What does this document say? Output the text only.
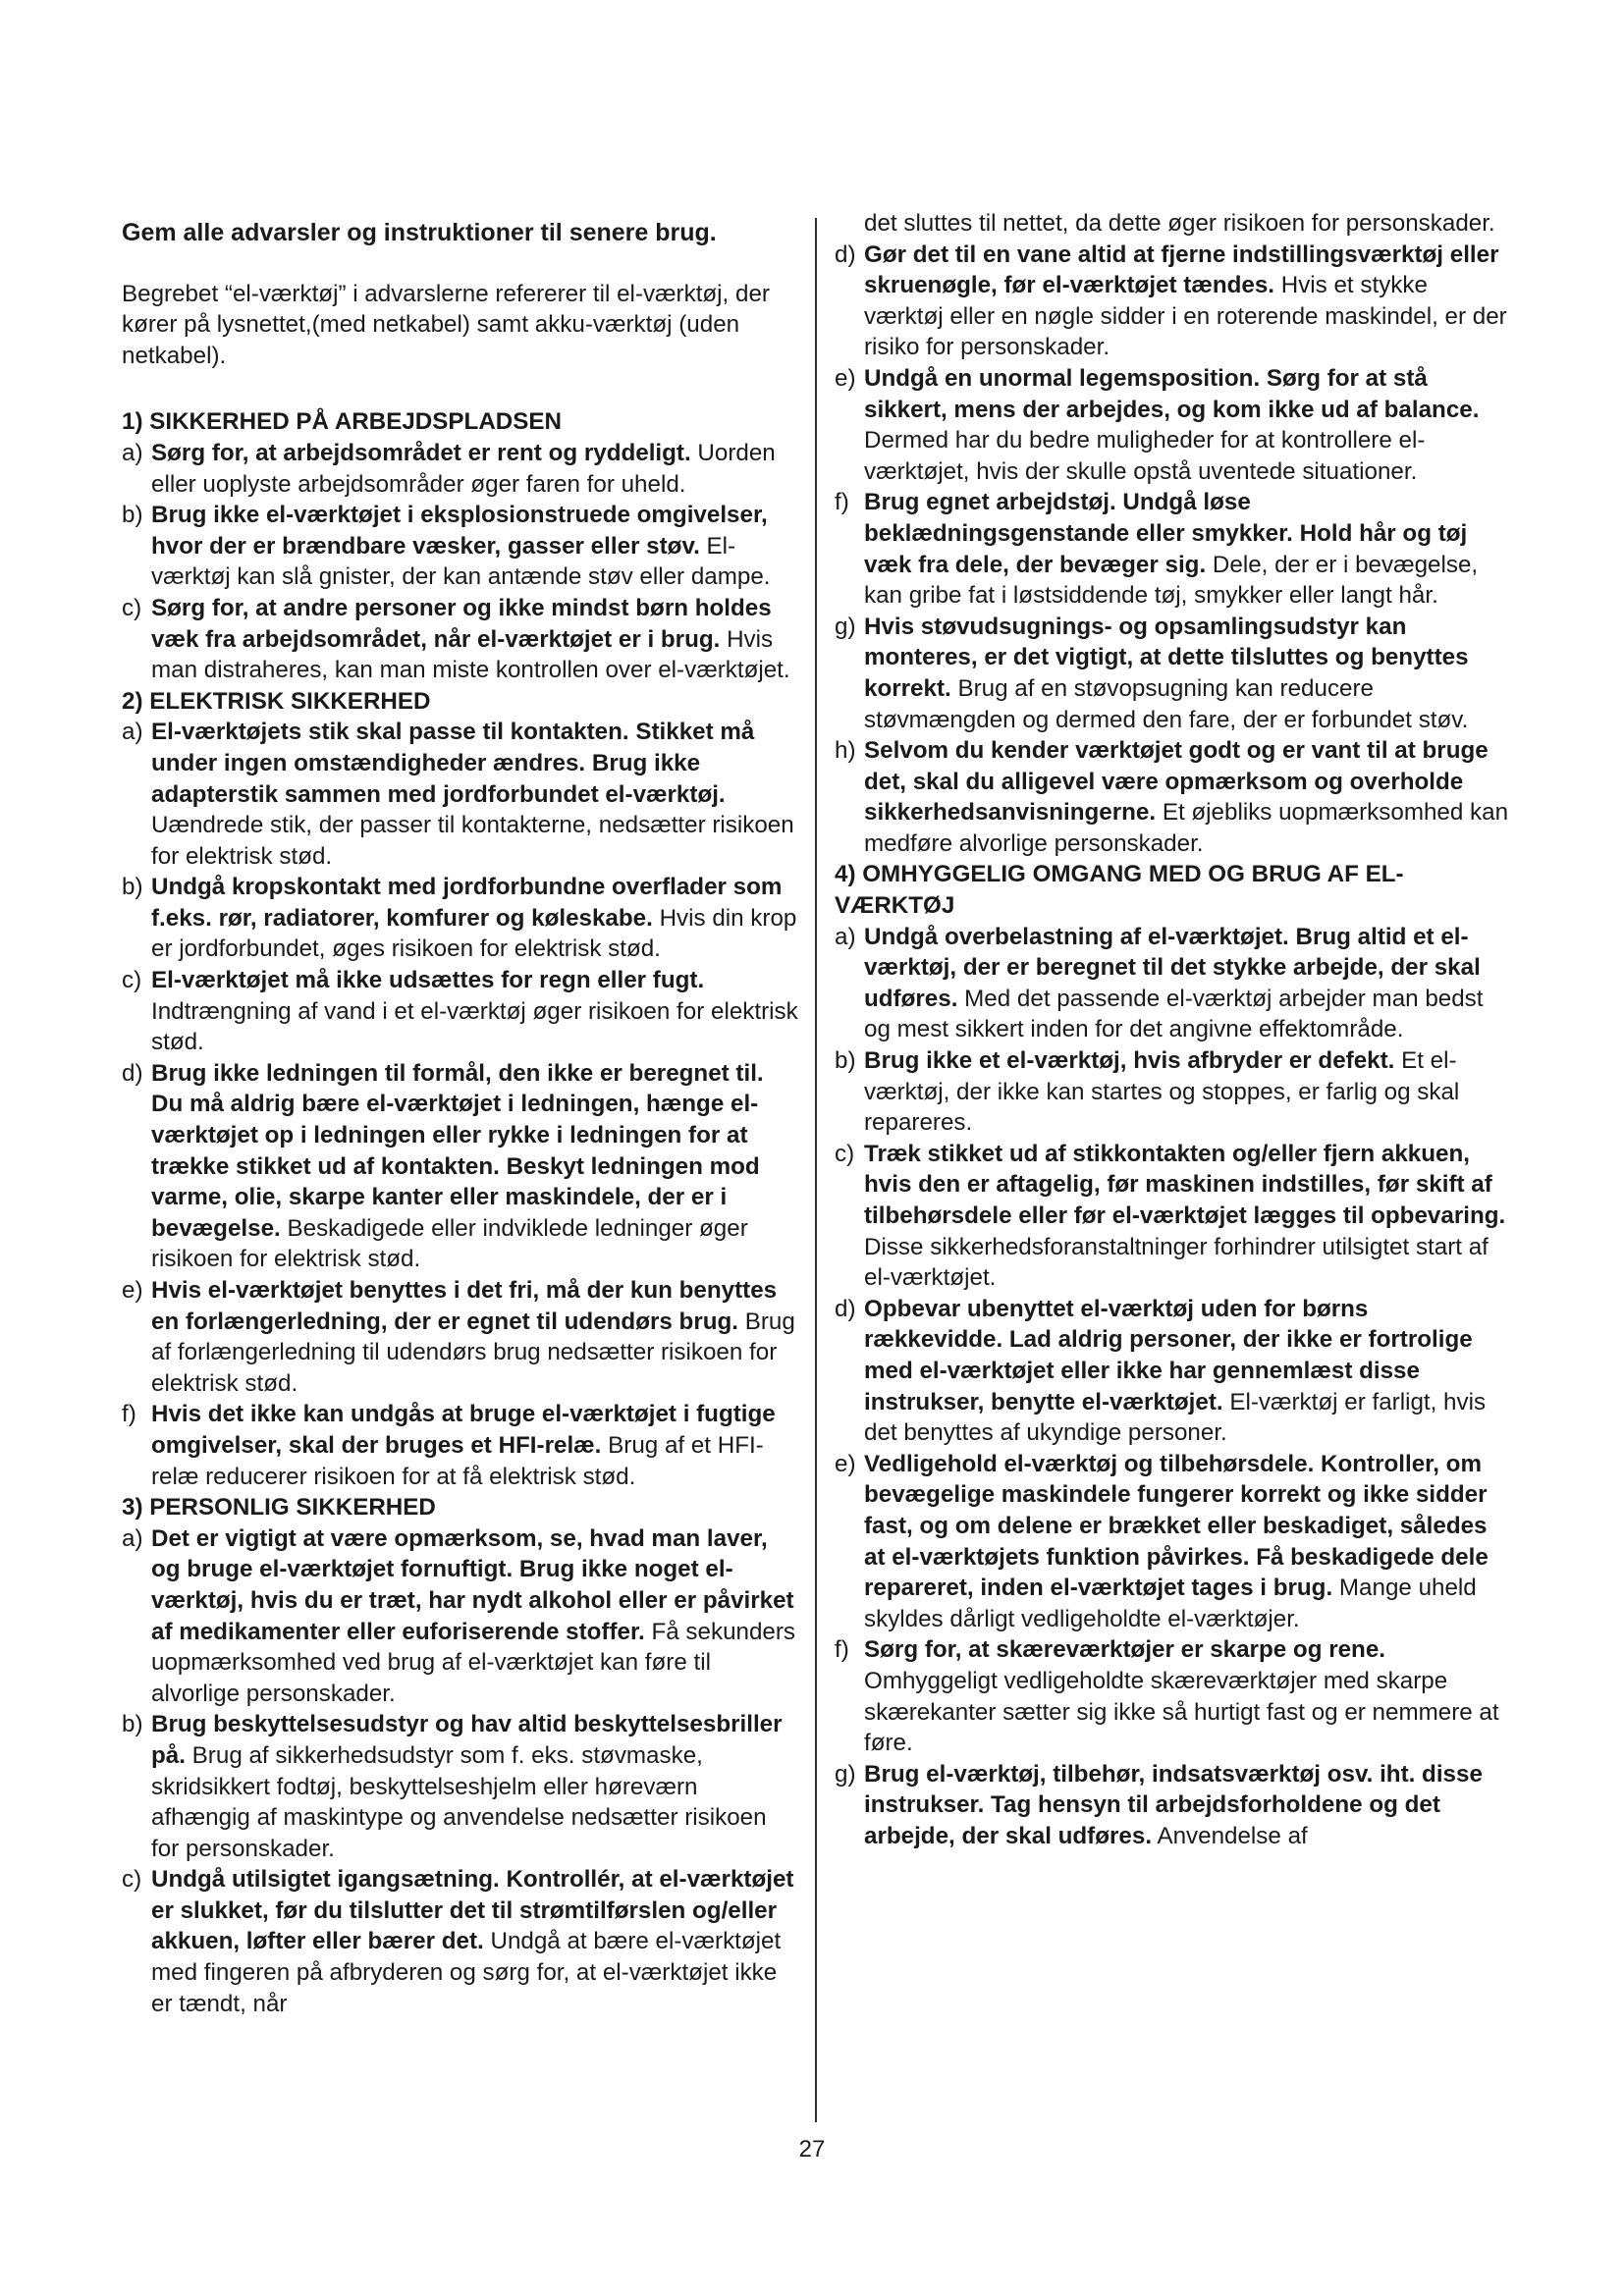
Gem alle advarsler og instruktioner til senere brug.

Begrebet “el-værktøj” i advarslerne refererer til el-værktøj, der kører på lysnettet,(med netkabel) samt akku-værktøj (uden netkabel).

1) SIKKERHED PÅ ARBEJDSPLADSEN

a) Sørg for, at arbejdsområdet er rent og ryddeligt. Uorden eller uoplyste arbejdsområder øger faren for uheld.

b) Brug ikke el-værktøjet i eksplosionstruede omgivelser, hvor der er brændbare væsker, gasser eller støv. El-værktøj kan slå gnister, der kan antænde støv eller dampe.

c) Sørg for, at andre personer og ikke mindst børn holdes væk fra arbejdsområdet, når el-værktøjet er i brug. Hvis man distraheres, kan man miste kontrollen over el-værktøjet.

2) ELEKTRISK SIKKERHED

a) El-værktøjets stik skal passe til kontakten. Stikket må under ingen omstændigheder ændres. Brug ikke adapterstik sammen med jordforbundet el-værktøj. Uændrede stik, der passer til kontakterne, nedsætter risikoen for elektrisk stød.

b) Undgå kropskontakt med jordforbundne overflader som f.eks. rør, radiatorer, komfurer og køleskabe. Hvis din krop er jordforbundet, øges risikoen for elektrisk stød.

c) El-værktøjet må ikke udsættes for regn eller fugt. Indtrængning af vand i et el-værktøj øger risikoen for elektrisk stød.

d) Brug ikke ledningen til formål, den ikke er beregnet til. Du må aldrig bære el-værktøjet i ledningen, hænge el-værktøjet op i ledningen eller rykke i ledningen for at trække stikket ud af kontakten. Beskyt ledningen mod varme, olie, skarpe kanter eller maskindele, der er i bevægelse. Beskadigede eller indviklede ledninger øger risikoen for elektrisk stød.

e) Hvis el-værktøjet benyttes i det fri, må der kun benyttes en forlængerledning, der er egnet til udendørs brug. Brug af forlængerledning til udendørs brug nedsætter risikoen for elektrisk stød.

f) Hvis det ikke kan undgås at bruge el-værktøjet i fugtige omgivelser, skal der bruges et HFI-relæ. Brug af et HFI-relæ reducerer risikoen for at få elektrisk stød.

3) PERSONLIG SIKKERHED

a) Det er vigtigt at være opmærksom, se, hvad man laver, og bruge el-værktøjet fornuftigt. Brug ikke noget el-værktøj, hvis du er træt, har nydt alkohol eller er påvirket af medikamenter eller euforiserende stoffer. Få sekunders uopmærksomhed ved brug af el-værktøjet kan føre til alvorlige personskader.

b) Brug beskyttelsesudstyr og hav altid beskyttelsesbriller på. Brug af sikkerhedsudstyr som f. eks. støvmaske, skridsikkert fodtøj, beskyttelseshjelm eller høreværn afhængig af maskintype og anvendelse nedsætter risikoen for personskader.

c) Undgå utilsigtet igangsætning. Kontrollér, at el-værktøjet er slukket, før du tilslutter det til strømtilførslen og/eller akkuen, løfter eller bærer det. Undgå at bære el-værktøjet med fingeren på afbryderen og sørg for, at el-værktøjet ikke er tændt, når

det sluttes til nettet, da dette øger risikoen for personskader.

d) Gør det til en vane altid at fjerne indstillingsværktøj eller skruenøgle, før el-værktøjet tændes. Hvis et stykke værktøj eller en nøgle sidder i en roterende maskindel, er der risiko for personskader.

e) Undgå en unormal legemsposition. Sørg for at stå sikkert, mens der arbejdes, og kom ikke ud af balance. Dermed har du bedre muligheder for at kontrollere el-værktøjet, hvis der skulle opstå uventede situationer.

f) Brug egnet arbejdstøj. Undgå løse beklædningsgenstande eller smykker. Hold hår og tøj væk fra dele, der bevæger sig. Dele, der er i bevægelse, kan gribe fat i løstsiddende tøj, smykker eller langt hår.

g) Hvis støvudsugnings- og opsamlingsudstyr kan monteres, er det vigtigt, at dette tilsluttes og benyttes korrekt. Brug af en støvopsugning kan reducere støvmængden og dermed den fare, der er forbundet støv.

h) Selvom du kender værktøjet godt og er vant til at bruge det, skal du alligevel være opmærksom og overholde sikkerhedsanvisningerne. Et øjebliks uopmærksomhed kan medføre alvorlige personskader.

4) OMHYGGELIG OMGANG MED OG BRUG AF EL-VÆRKTØJ

a) Undgå overbelastning af el-værktøjet. Brug altid et el-værktøj, der er beregnet til det stykke arbejde, der skal udføres. Med det passende el-værktøj arbejder man bedst og mest sikkert inden for det angivne effektområde.

b) Brug ikke et el-værktøj, hvis afbryder er defekt. Et el-værktøj, der ikke kan startes og stoppes, er farlig og skal repareres.

c) Træk stikket ud af stikkontakten og/eller fjern akkuen, hvis den er aftagelig, før maskinen indstilles, før skift af tilbehørsdele eller før el-værktøjet lægges til opbevaring. Disse sikkerhedsforanstaltninger forhindrer utilsigtet start af el-værktøjet.

d) Opbevar ubenyttet el-værktøj uden for børns rækkevidde. Lad aldrig personer, der ikke er fortrolige med el-værktøjet eller ikke har gennemlæst disse instrukser, benytte el-værktøjet. El-værktøj er farligt, hvis det benyttes af ukyndige personer.

e) Vedligehold el-værktøj og tilbehørsdele. Kontroller, om bevægelige maskindele fungerer korrekt og ikke sidder fast, og om delene er brækket eller beskadiget, således at el-værktøjets funktion påvirkes. Få beskadigede dele repareret, inden el-værktøjet tages i brug. Mange uheld skyldes dårligt vedligeholdte el-værktøjer.

f) Sørg for, at skæreværktøjer er skarpe og rene. Omhyggeligt vedligeholdte skæreværktøjer med skarpe skærekanter sætter sig ikke så hurtigt fast og er nemmere at føre.

g) Brug el-værktøj, tilbehør, indsatsværktøj osv. iht. disse instrukser. Tag hensyn til arbejdsforholdene og det arbejde, der skal udføres. Anvendelse af

27
